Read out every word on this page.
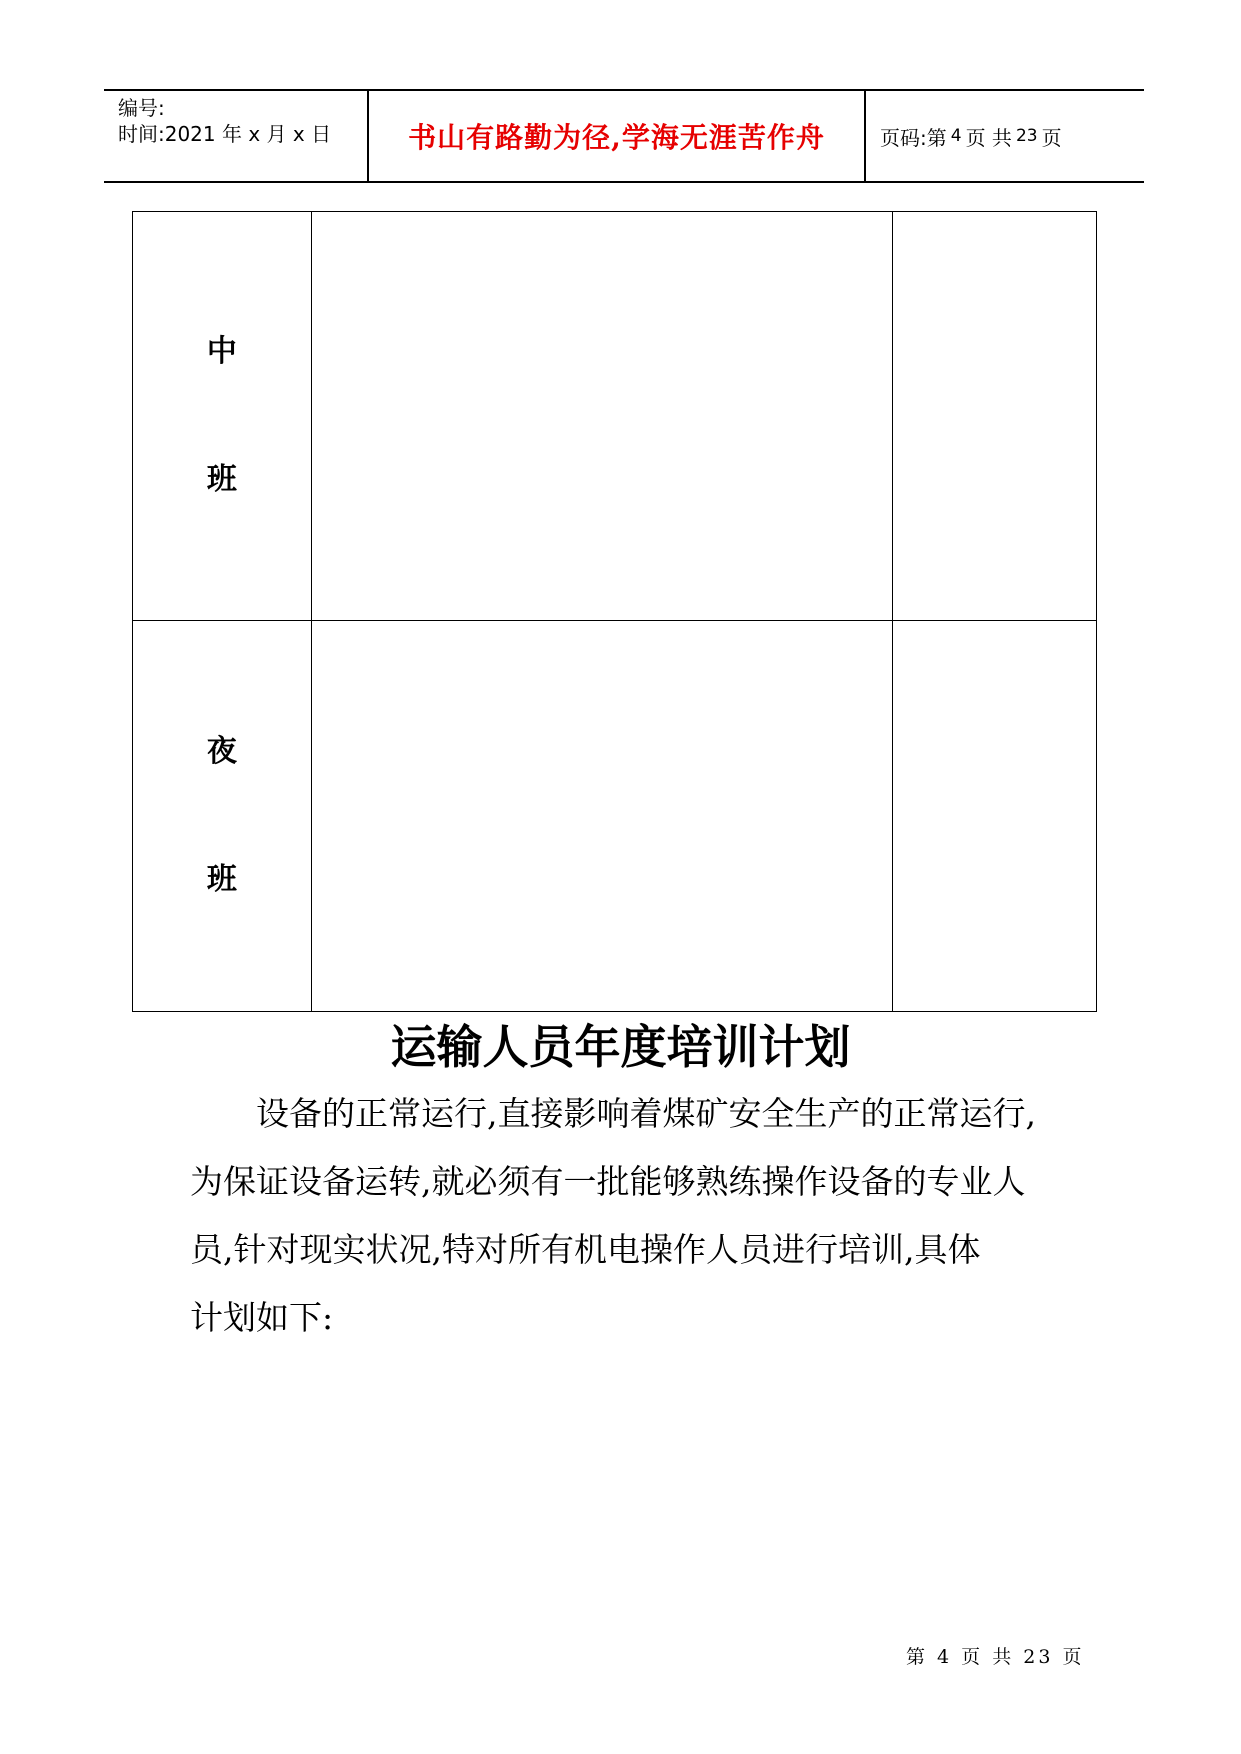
编号:
时间:2021 年 x 月 x 日	书山有路勤为径,学海无涯苦作舟	页码:第 4 页 共 23 页
中
班		

夜
班		

运输人员年度培训计划

设备的正常运行,直接影响着煤矿安全生产的正常运行,
为保证设备运转,就必须有一批能够熟练操作设备的专业人
员,针对现实状况,特对所有机电操作人员进行培训,具体
计划如下:

第 4 页 共 23 页
